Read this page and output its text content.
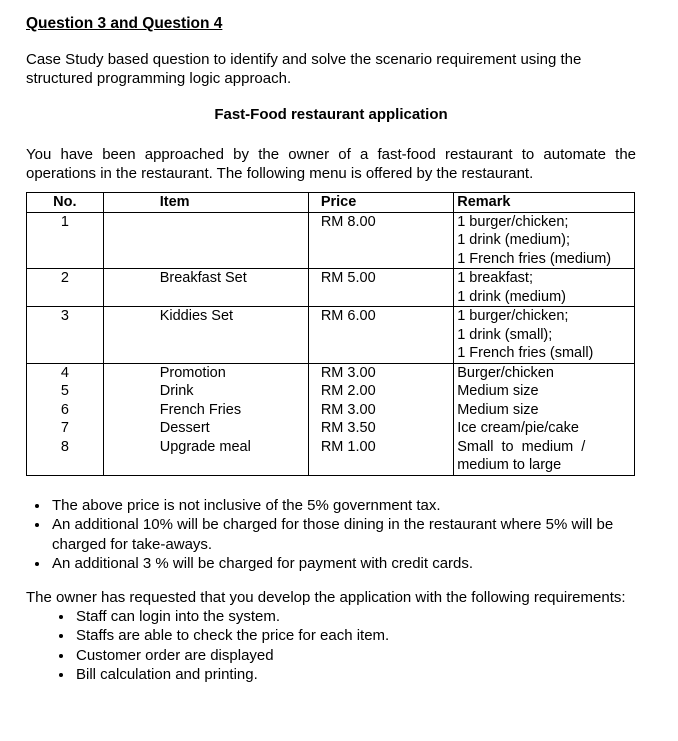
Question 3 and Question 4

Case Study based question to identify and solve the scenario requirement using the structured programming logic approach.

Fast-Food restaurant application

You have been approached by the owner of a fast-food restaurant to automate the operations in the restaurant. The following menu is offered by the restaurant.

No.	Item	Price	Remark
1		RM 8.00	1 burger/chicken;
1 drink (medium);
1 French fries (medium)

2	Breakfast Set	RM 5.00	1 breakfast;
1 drink (medium)

3	Kiddies Set	RM 6.00	1 burger/chicken;
1 drink (small);
1 French fries (small)

4	Promotion	RM 3.00	Burger/chicken

5	Drink	RM 2.00	Medium size

6	French Fries	RM 3.00	Medium size

7	Dessert	RM 3.50	Ice cream/pie/cake

8	Upgrade meal	RM 1.00	Small  to  medium  /
medium to large
• The above price is not inclusive of the 5% government tax.
• An additional 10% will be charged for those dining in the restaurant where 5% will be charged for take-aways.
• An additional 3 % will be charged for payment with credit cards.

The owner has requested that you develop the application with the following requirements:

• Staff can login into the system.
• Staffs are able to check the price for each item.
• Customer order are displayed
• Bill calculation and printing.
